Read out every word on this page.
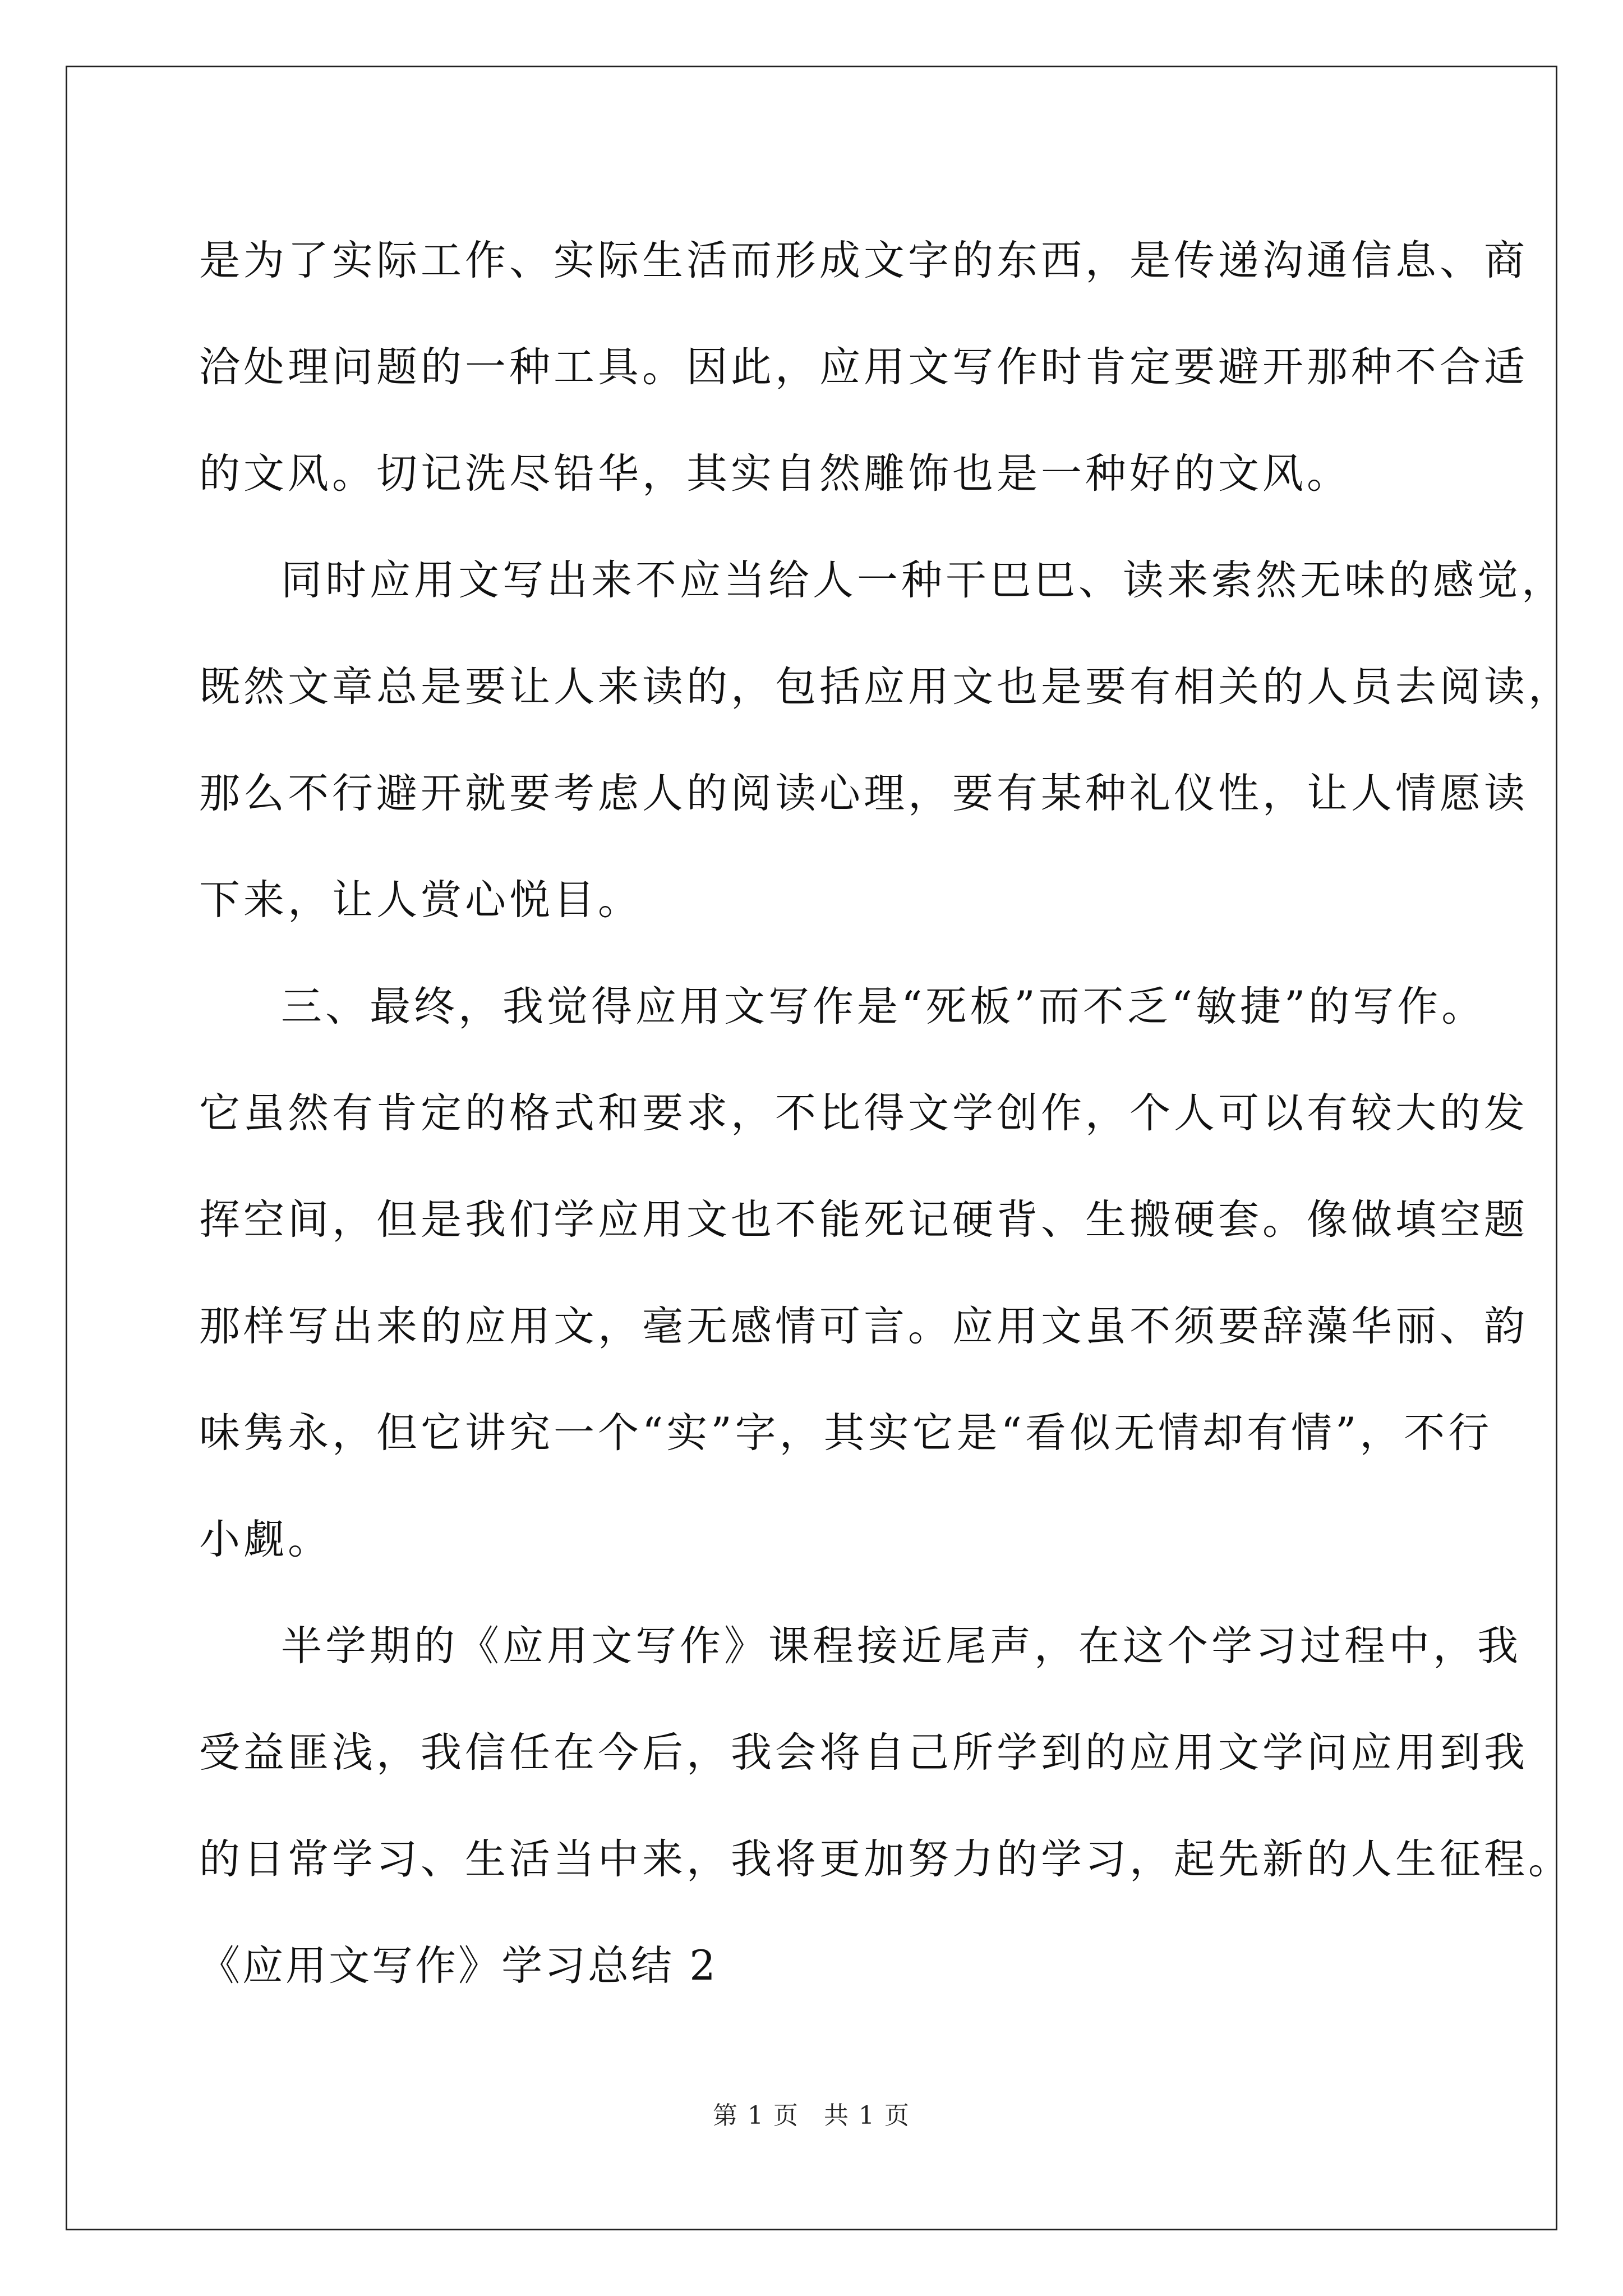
是为了实际工作、实际生活而形成文字的东西，是传递沟通信息、商
洽处理问题的一种工具。因此，应用文写作时肯定要避开那种不合适
的文风。切记洗尽铅华，其实自然雕饰也是一种好的文风。
同时应用文写出来不应当给人一种干巴巴、读来索然无味的感觉，
既然文章总是要让人来读的，包括应用文也是要有相关的人员去阅读，
那么不行避开就要考虑人的阅读心理，要有某种礼仪性，让人情愿读
下来，让人赏心悦目。
三、最终，我觉得应用文写作是“死板”而不乏“敏捷”的写作。
它虽然有肯定的格式和要求，不比得文学创作，个人可以有较大的发
挥空间，但是我们学应用文也不能死记硬背、生搬硬套。像做填空题
那样写出来的应用文，毫无感情可言。应用文虽不须要辞藻华丽、韵
味隽永，但它讲究一个“实”字，其实它是“看似无情却有情”，不行
小觑。
半学期的《应用文写作》课程接近尾声，在这个学习过程中，我
受益匪浅，我信任在今后，我会将自己所学到的应用文学问应用到我
的日常学习、生活当中来，我将更加努力的学习，起先新的人生征程。
《应用文写作》学习总结 2
第 1 页 共 1 页
